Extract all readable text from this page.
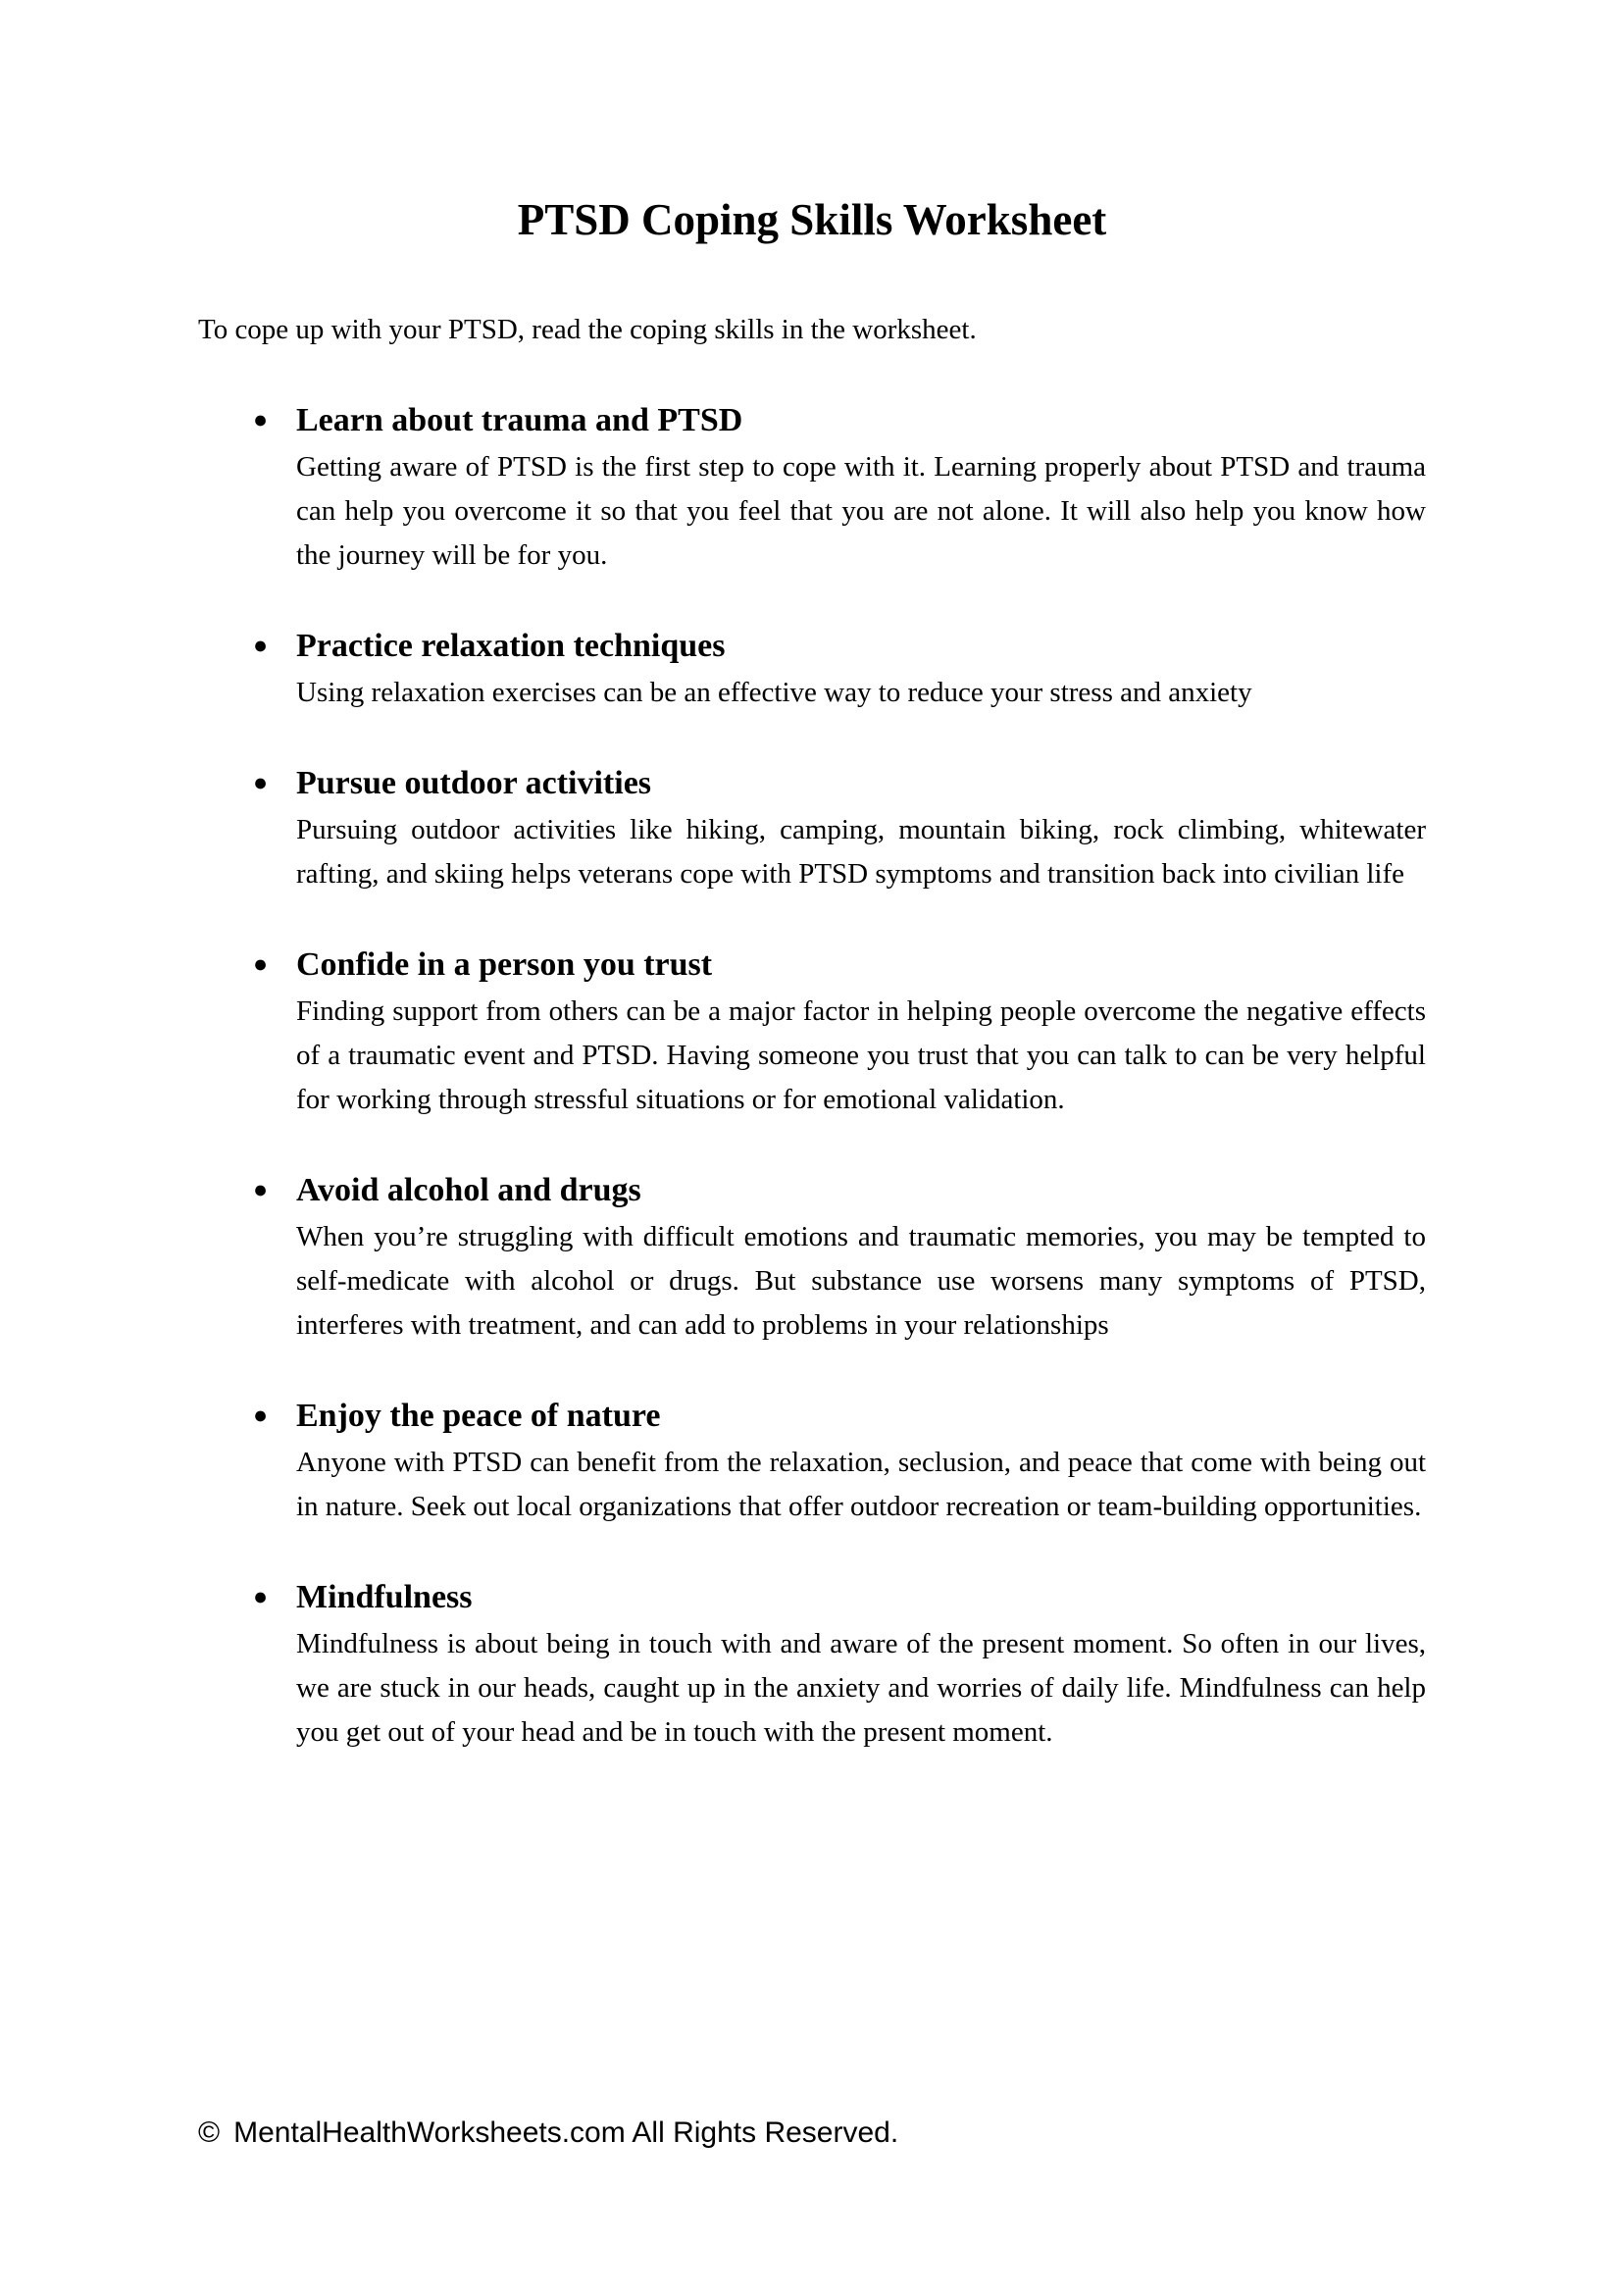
PTSD Coping Skills Worksheet

To cope up with your PTSD, read the coping skills in the worksheet.

● Learn about trauma and PTSD

Getting aware of PTSD is the first step to cope with it. Learning properly about PTSD and trauma can help you overcome it so that you feel that you are not alone. It will also help you know how the journey will be for you.

● Practice relaxation techniques

Using relaxation exercises can be an effective way to reduce your stress and anxiety

● Pursue outdoor activities

Pursuing outdoor activities like hiking, camping, mountain biking, rock climbing, whitewater rafting, and skiing helps veterans cope with PTSD symptoms and transition back into civilian life

● Confide in a person you trust

Finding support from others can be a major factor in helping people overcome the negative effects of a traumatic event and PTSD. Having someone you trust that you can talk to can be very helpful for working through stressful situations or for emotional validation.

● Avoid alcohol and drugs

When you’re struggling with difficult emotions and traumatic memories, you may be tempted to self-medicate with alcohol or drugs. But substance use worsens many symptoms of PTSD, interferes with treatment, and can add to problems in your relationships

● Enjoy the peace of nature

Anyone with PTSD can benefit from the relaxation, seclusion, and peace that come with being out in nature. Seek out local organizations that offer outdoor recreation or team-building opportunities.

● Mindfulness

Mindfulness is about being in touch with and aware of the present moment. So often in our lives, we are stuck in our heads, caught up in the anxiety and worries of daily life. Mindfulness can help you get out of your head and be in touch with the present moment.

© MentalHealthWorksheets.com All Rights Reserved.
